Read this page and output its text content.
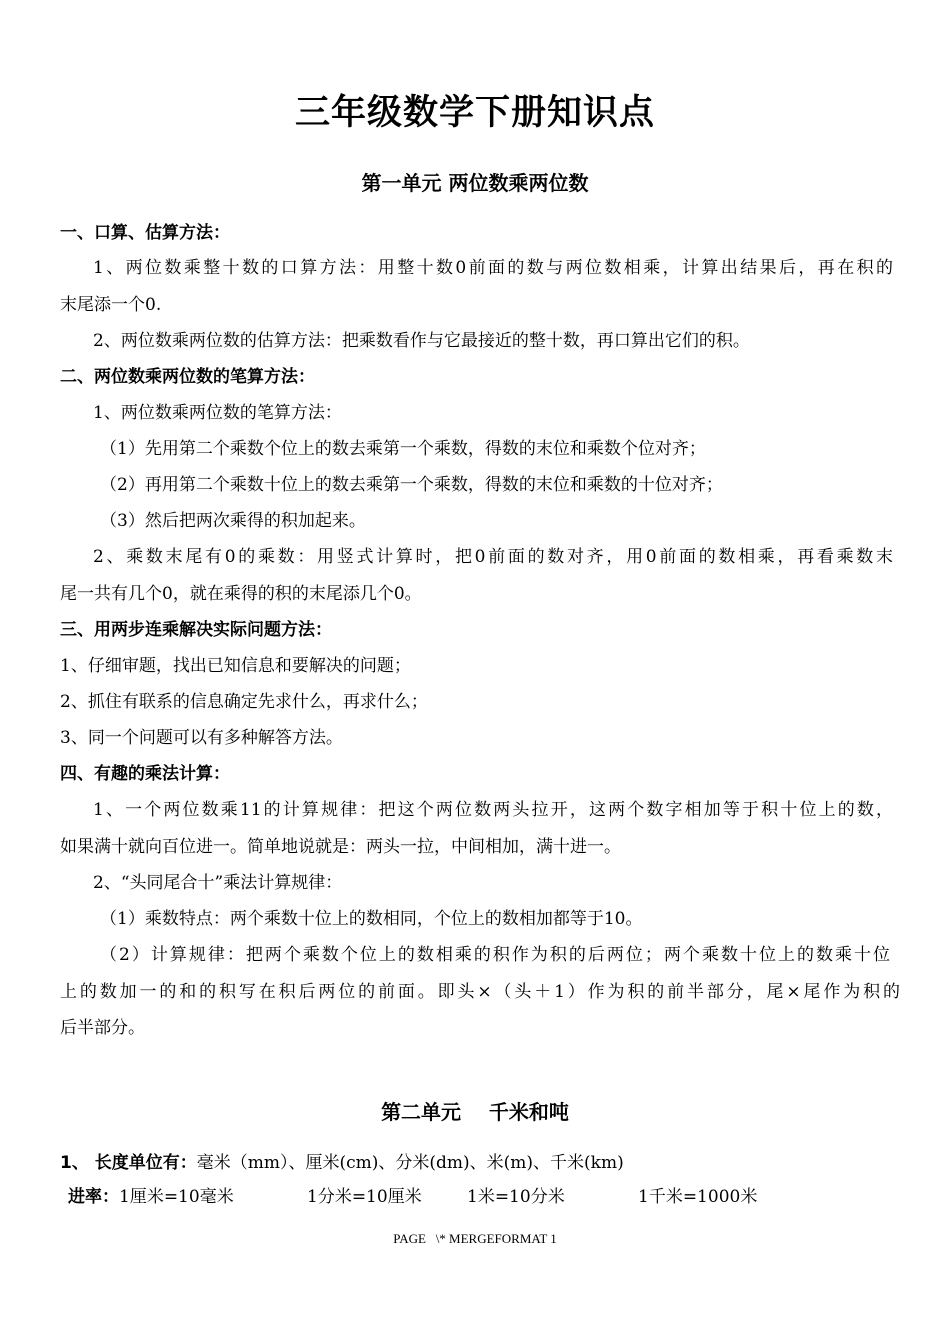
三年级数学下册知识点
第一单元 两位数乘两位数
一、口算、估算方法：
1、两位数乘整十数的口算方法：用整十数0前面的数与两位数相乘，计算出结果后，再在积的
末尾添一个0.
2、两位数乘两位数的估算方法：把乘数看作与它最接近的整十数，再口算出它们的积。
二、两位数乘两位数的笔算方法：
1、两位数乘两位数的笔算方法：
（1）先用第二个乘数个位上的数去乘第一个乘数，得数的末位和乘数个位对齐；
（2）再用第二个乘数十位上的数去乘第一个乘数，得数的末位和乘数的十位对齐；
（3）然后把两次乘得的积加起来。
2、乘数末尾有0的乘数：用竖式计算时，把0前面的数对齐，用0前面的数相乘，再看乘数末
尾一共有几个0，就在乘得的积的末尾添几个0。
三、用两步连乘解决实际问题方法：
1、仔细审题，找出已知信息和要解决的问题；
2、抓住有联系的信息确定先求什么，再求什么；
3、同一个问题可以有多种解答方法。
四、有趣的乘法计算：
1、一个两位数乘11的计算规律：把这个两位数两头拉开，这两个数字相加等于积十位上的数，
如果满十就向百位进一。简单地说就是：两头一拉，中间相加，满十进一。
2、“头同尾合十”乘法计算规律：
（1）乘数特点：两个乘数十位上的数相同，个位上的数相加都等于10。
（2）计算规律：把两个乘数个位上的数相乘的积作为积的后两位；两个乘数十位上的数乘十位
上的数加一的和的积写在积后两位的前面。即头×（头＋1）作为积的前半部分，尾×尾作为积的
后半部分。
第二单元    千米和吨
1、 长度单位有：毫米（mm）、厘米(cm)、分米(dm)、米(m)、千米(km)
进率：1厘米=10毫米	1分米=10厘米	1米=10分米	1千米=1000米
PAGE   \* MERGEFORMAT 1
